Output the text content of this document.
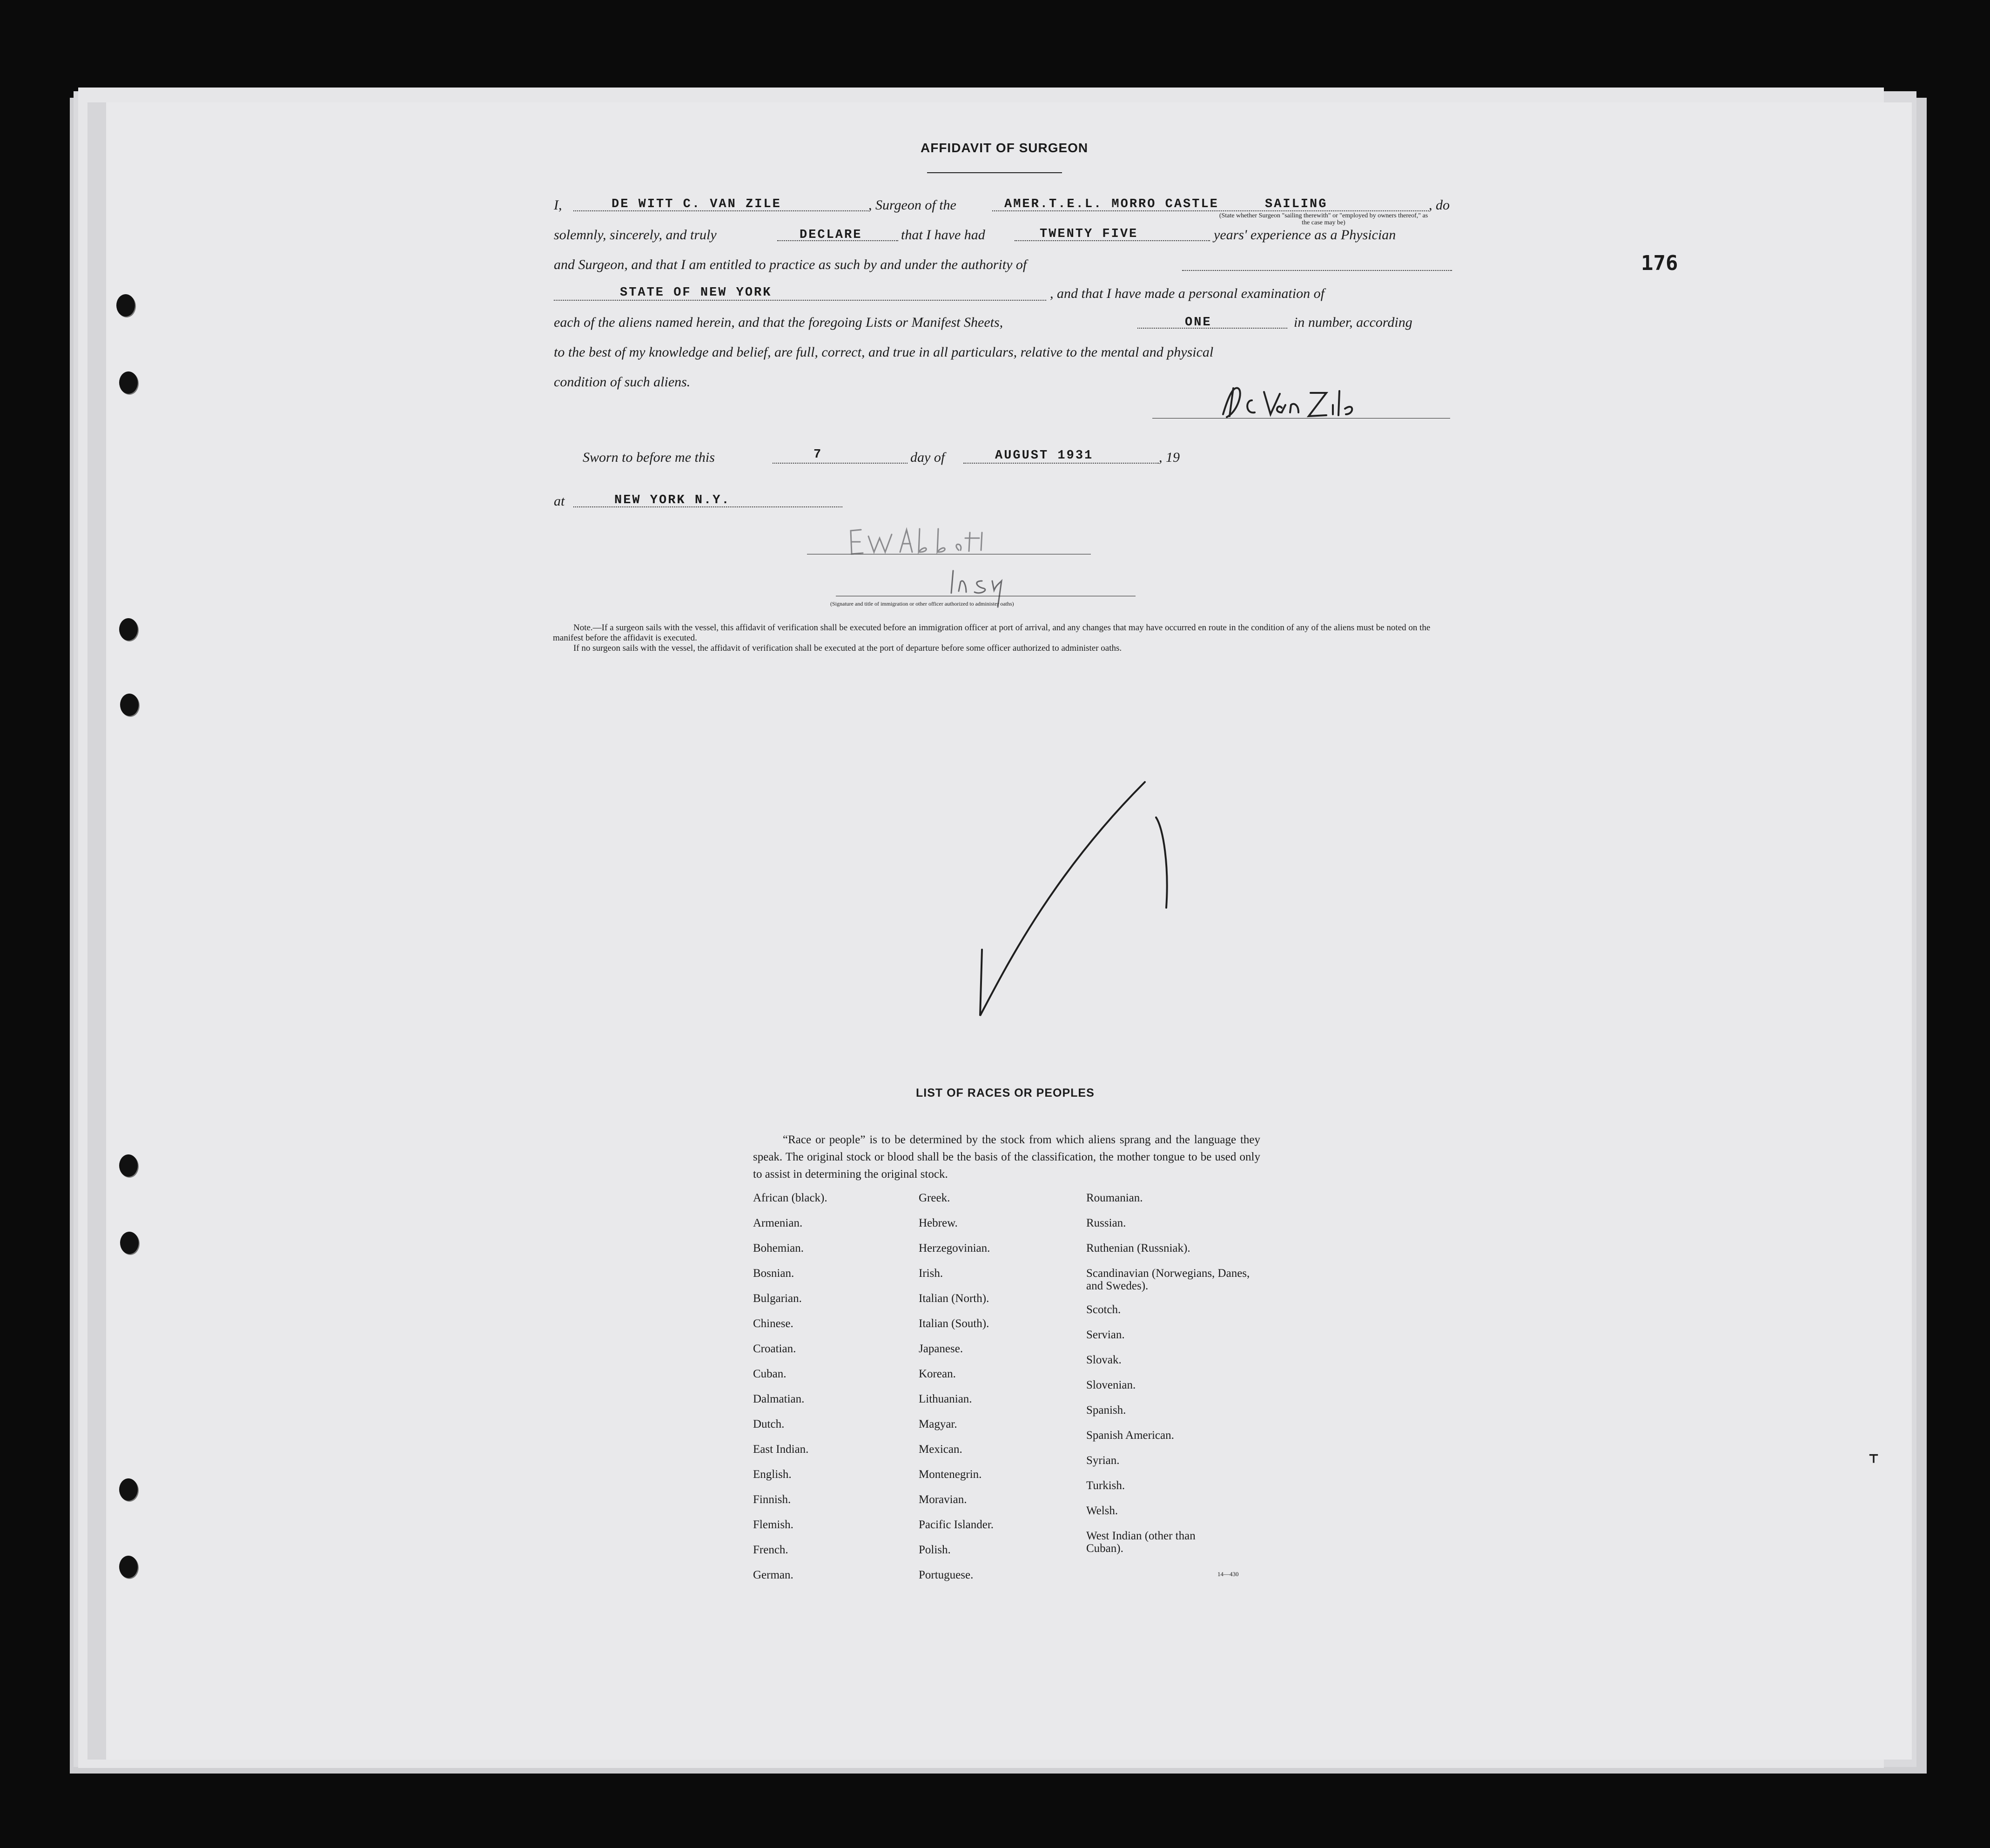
176
AFFIDAVIT OF SURGEON
I,	DE WITT C. VAN ZILE	, Surgeon of the	AMER.T.E.L. MORRO CASTLE	SAILING	, do
(State whether Surgeon "sailing therewith" or "employed by owners thereof," as the case may be)
solemnly, sincerely, and truly	DECLARE	that I have had	TWENTY FIVE	years' experience as a Physician
and Surgeon, and that I am entitled to practice as such by and under the authority of
STATE OF NEW YORK	, and that I have made a personal examination of
each of the aliens named herein, and that the foregoing Lists or Manifest Sheets,	ONE	in number, according
to the best of my knowledge and belief, are full, correct, and true in all particulars, relative to the mental and physical
condition of such aliens.
Sworn to before me this	7	day of	AUGUST 1931	, 19
at	NEW YORK N.Y.
(Signature and title of immigration or other officer authorized to administer oaths)
Note.—If a surgeon sails with the vessel, this affidavit of verification shall be executed before an immigration officer at port of arrival, and any changes that may have occurred en route in the condition of any of the aliens must be noted on the manifest before the affidavit is executed.
If no surgeon sails with the vessel, the affidavit of verification shall be executed at the port of departure before some officer authorized to administer oaths.
⸆
LIST OF RACES OR PEOPLES
“Race or people” is to be determined by the stock from which aliens sprang and the language they speak. The original stock or blood shall be the basis of the classification, the mother tongue to be used only to assist in determining the original stock.
African (black).
Armenian.
Bohemian.
Bosnian.
Bulgarian.
Chinese.
Croatian.
Cuban.
Dalmatian.
Dutch.
East Indian.
English.
Finnish.
Flemish.
French.
German.
Greek.
Hebrew.
Herzegovinian.
Irish.
Italian (North).
Italian (South).
Japanese.
Korean.
Lithuanian.
Magyar.
Mexican.
Montenegrin.
Moravian.
Pacific Islander.
Polish.
Portuguese.
Roumanian.
Russian.
Ruthenian (Russniak).
Scandinavian (Norwegians, Danes, and Swedes).
Scotch.
Servian.
Slovak.
Slovenian.
Spanish.
Spanish American.
Syrian.
Turkish.
Welsh.
West Indian (other than Cuban).
14—430
